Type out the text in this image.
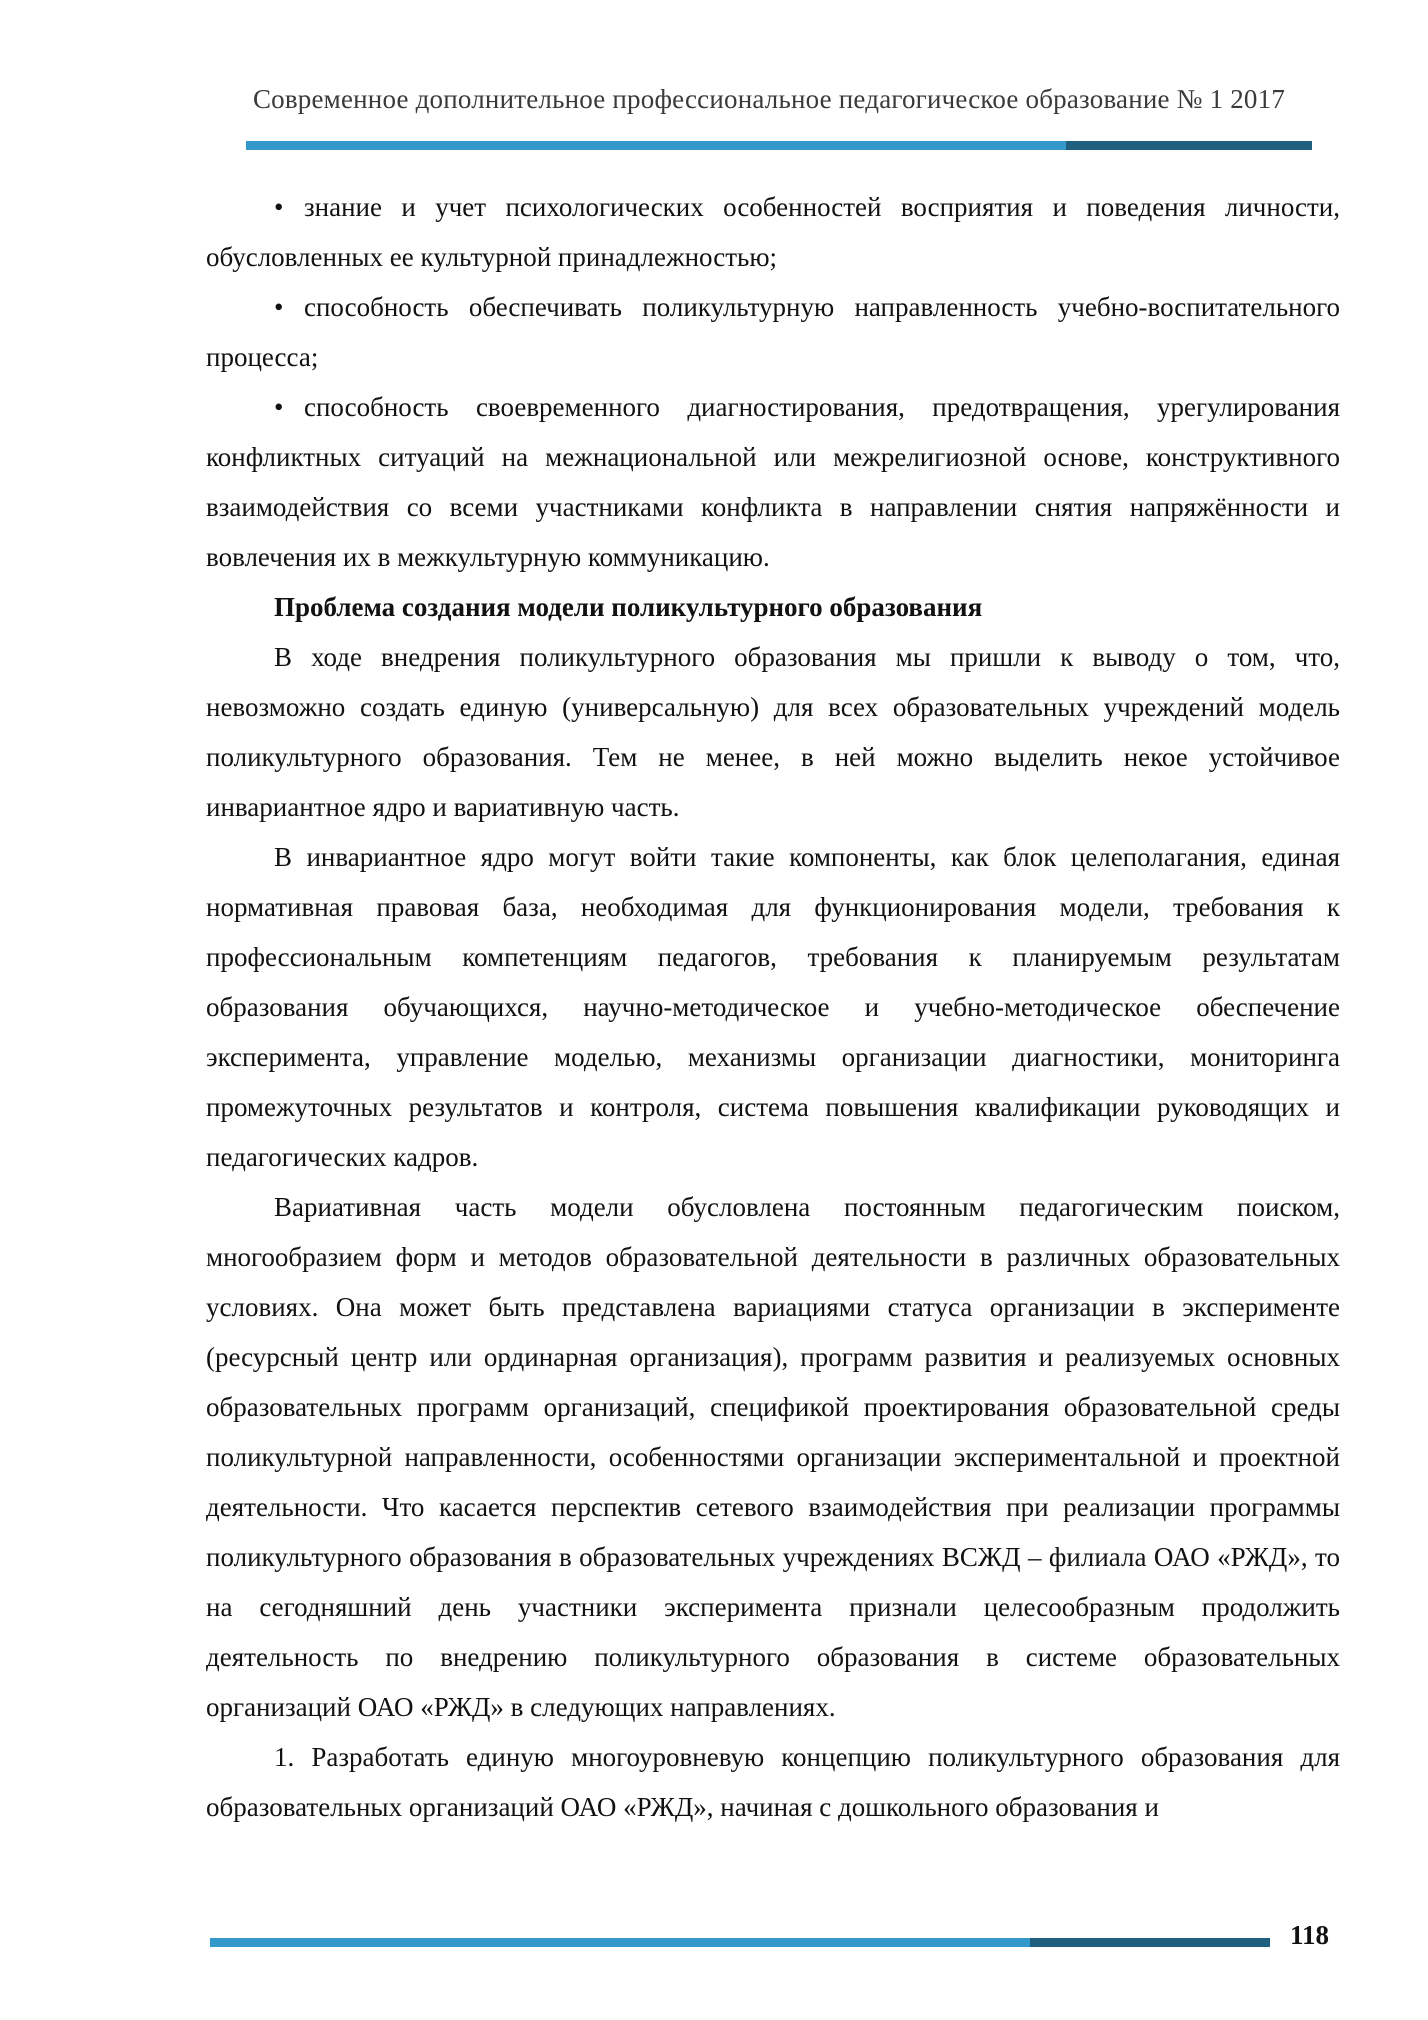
Современное дополнительное профессиональное педагогическое образование № 1 2017

• знание и учет психологических особенностей восприятия и поведения личности, обусловленных ее культурной принадлежностью;

• способность обеспечивать поликультурную направленность учебно-воспитательного процесса;

• способность своевременного диагностирования, предотвращения, урегулирования конфликтных ситуаций на межнациональной или межрелигиозной основе, конструктивного взаимодействия со всеми участниками конфликта в направлении снятия напряжённости и вовлечения их в межкультурную коммуникацию.

Проблема создания модели поликультурного образования

В ходе внедрения поликультурного образования мы пришли к выводу о том, что, невозможно создать единую (универсальную) для всех образовательных учреждений модель поликультурного образования. Тем не менее, в ней можно выделить некое устойчивое инвариантное ядро и вариативную часть.

В инвариантное ядро могут войти такие компоненты, как блок целеполагания, единая нормативная правовая база, необходимая для функционирования модели, требования к профессиональным компетенциям педагогов, требования к планируемым результатам образования обучающихся, научно-методическое и учебно-методическое обеспечение эксперимента, управление моделью, механизмы организации диагностики, мониторинга промежуточных результатов и контроля, система повышения квалификации руководящих и педагогических кадров.

Вариативная часть модели обусловлена постоянным педагогическим поиском, многообразием форм и методов образовательной деятельности в различных образовательных условиях. Она может быть представлена вариациями статуса организации в эксперименте (ресурсный центр или ординарная организация), программ развития и реализуемых основных образовательных программ организаций, спецификой проектирования образовательной среды поликультурной направленности, особенностями организации экспериментальной и проектной деятельности. Что касается перспектив сетевого взаимодействия при реализации программы поликультурного образования в образовательных учреждениях ВСЖД – филиала ОАО «РЖД», то на сегодняшний день участники эксперимента признали целесообразным продолжить деятельность по внедрению поликультурного образования в системе образовательных организаций ОАО «РЖД» в следующих направлениях.

1. Разработать единую многоуровневую концепцию поликультурного образования для образовательных организаций ОАО «РЖД», начиная с дошкольного образования и

118
